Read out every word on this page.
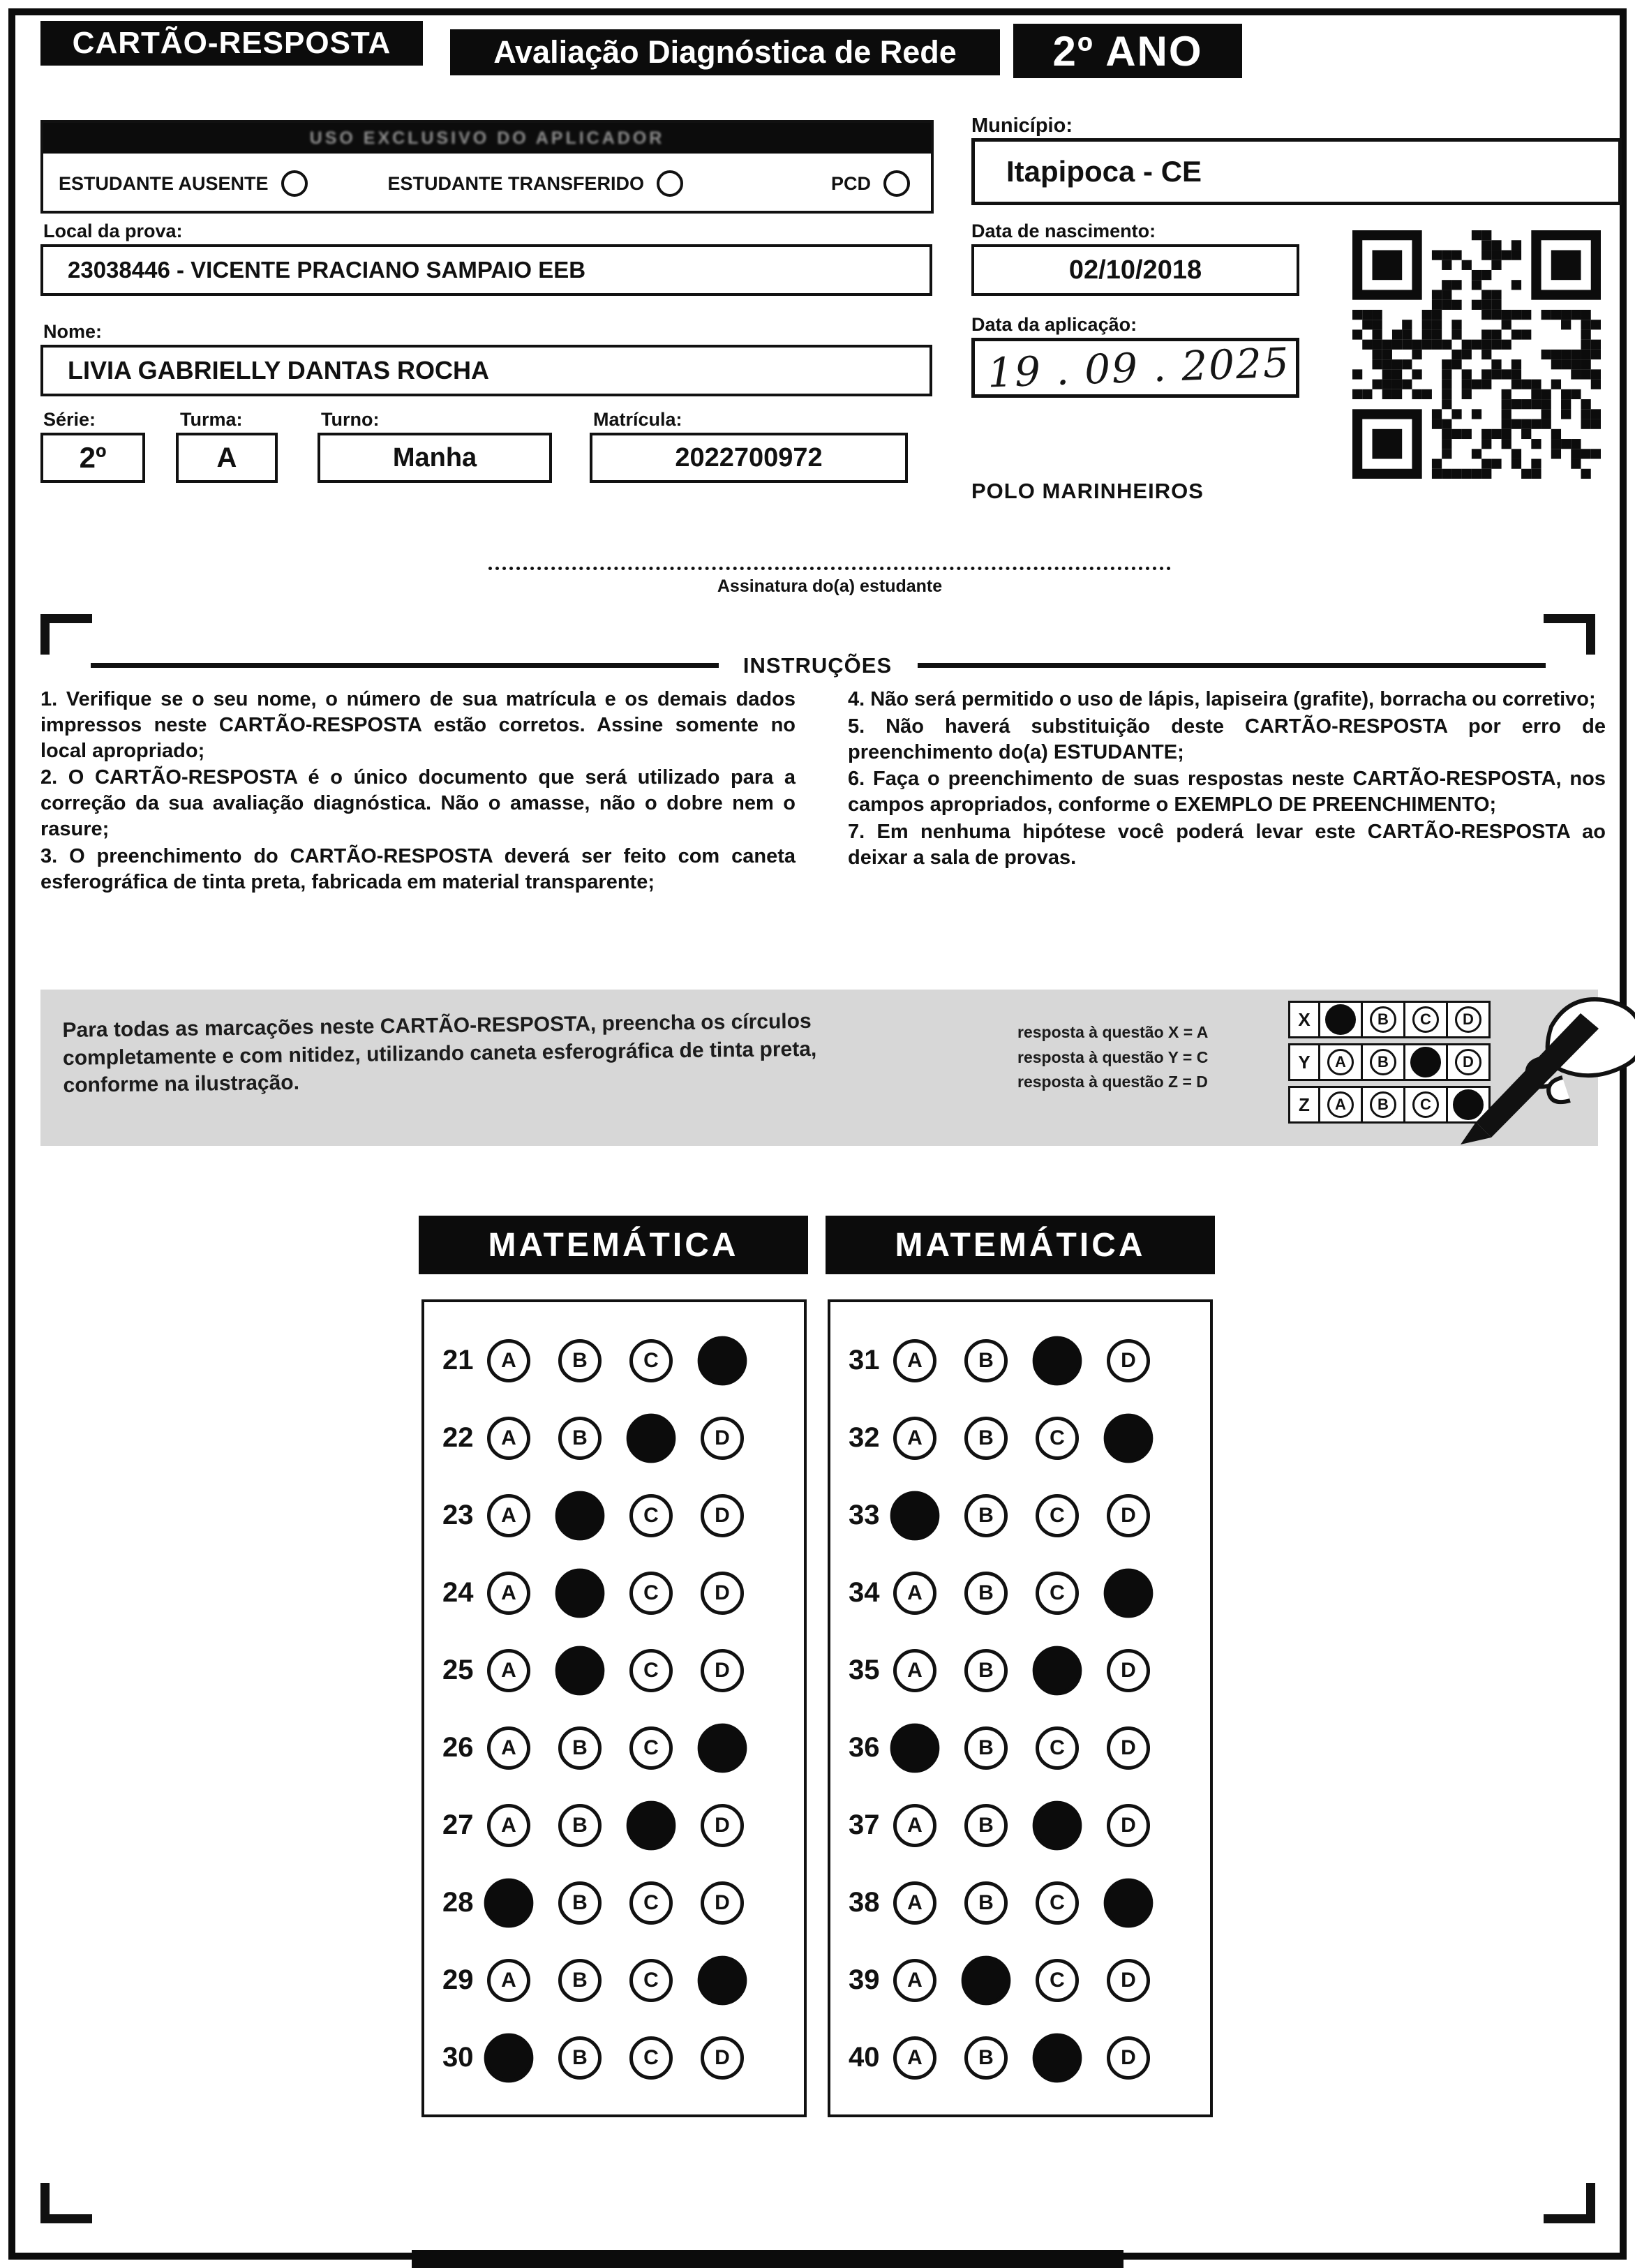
CARTÃO-RESPOSTA	Avaliação Diagnóstica de Rede	2º ANO
USO EXCLUSIVO DO APLICADOR
ESTUDANTE AUSENTE	ESTUDANTE TRANSFERIDO	PCD
Local da prova:
23038446 - VICENTE PRACIANO SAMPAIO EEB
Nome:
LIVIA GABRIELLY DANTAS ROCHA
Série:
2º
Turma:
A
Turno:
Manha
Matrícula:
2022700972
Município:
Itapipoca - CE
Data de nascimento:
02/10/2018
Data da aplicação:
19 . 09 . 2025
POLO MARINHEIROS
Assinatura do(a) estudante
INSTRUÇÕES

1. Verifique se o seu nome, o número de sua matrícula e os demais dados impressos neste CARTÃO-RESPOSTA estão corretos. Assine somente no local apropriado;

2. O CARTÃO-RESPOSTA é o único documento que será utilizado para a correção da sua avaliação diagnóstica. Não o amasse, não o dobre nem o rasure;

3. O preenchimento do CARTÃO-RESPOSTA deverá ser feito com caneta esferográfica de tinta preta, fabricada em material transparente;

4. Não será permitido o uso de lápis, lapiseira (grafite), borracha ou corretivo;

5. Não haverá substituição deste CARTÃO-RESPOSTA por erro de preenchimento do(a) ESTUDANTE;

6. Faça o preenchimento de suas respostas neste CARTÃO-RESPOSTA, nos campos apropriados, conforme o EXEMPLO DE PREENCHIMENTO;

7. Em nenhuma hipótese você poderá levar este CARTÃO-RESPOSTA ao deixar a sala de provas.

Para todas as marcações neste CARTÃO-RESPOSTA, preencha os círculos completamente e com nitidez, utilizando caneta esferográfica de tinta preta, conforme na ilustração.
resposta à questão X = A
resposta à questão Y = C
resposta à questão Z = D
X	B	C	D
Y	A	B	D
Z	A	B	C
MATEMÁTICA	MATEMÁTICA
21	A	B	C
22	A	B	D
23	A	C	D
24	A	C	D
25	A	C	D
26	A	B	C
27	A	B	D
28	B	C	D
29	A	B	C
30	B	C	D
31	A	B	D
32	A	B	C
33	B	C	D
34	A	B	C
35	A	B	D
36	B	C	D
37	A	B	D
38	A	B	C
39	A	C	D
40	A	B	D
